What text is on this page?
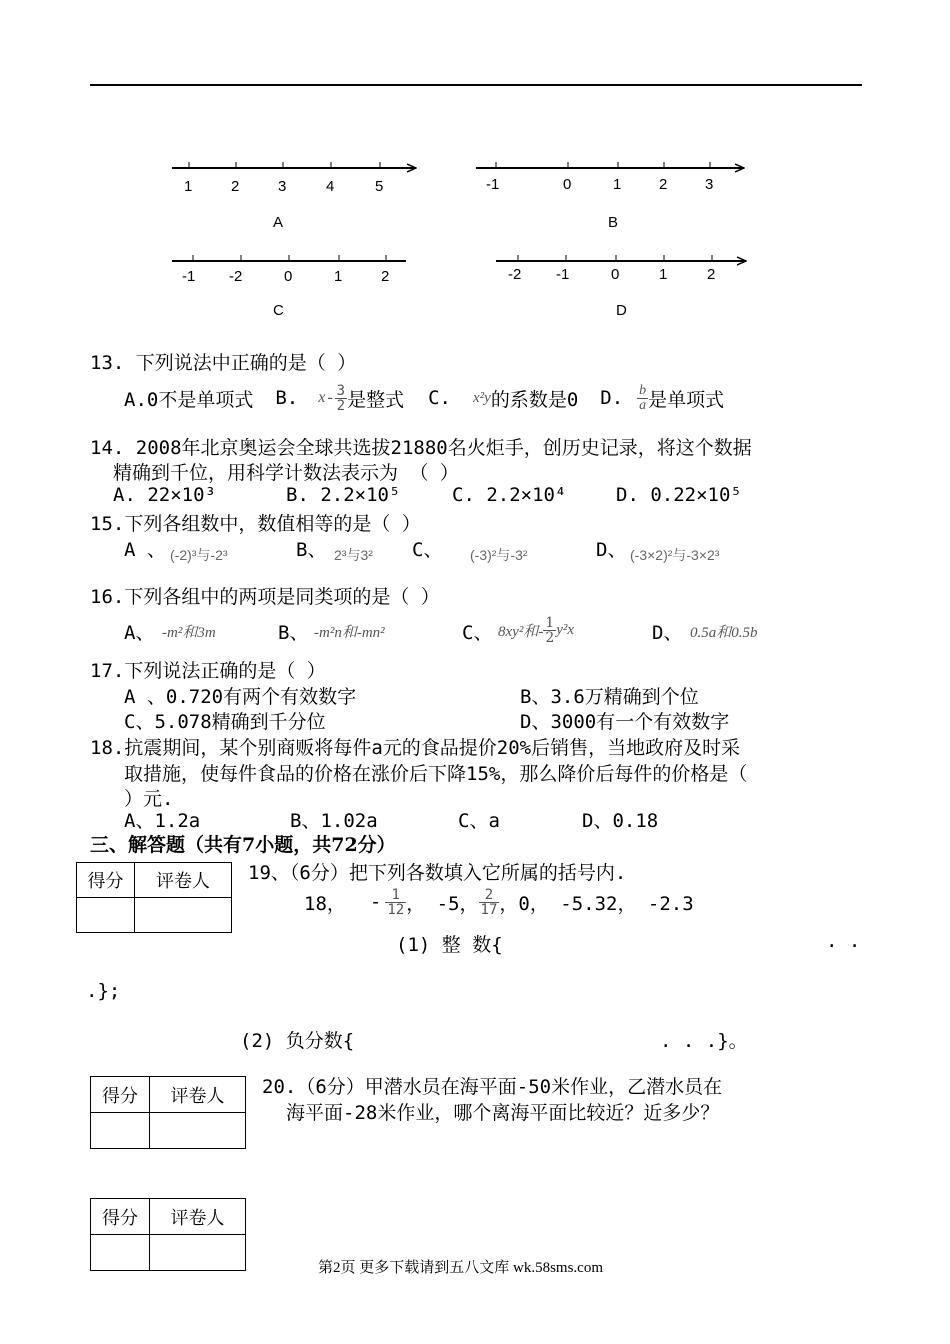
1	2	3	4	5
A
-1	0	1	2	3
B
-1 -2	0	1	2
C
-2 -1	0	1	2
D
13. 下列说法中正确的是（ ）
A.0不是单项式 B. x - $\frac{3}{2}$ 是整式 C. x²y 的系数是0 D. $\frac{b}{a}$ 是单项式
14. 2008年北京奥运会全球共选拔21880名火炬手，创历史记录，将这个数据
精确到千位，用科学计数法表示为 （ ）
A. 22×10³	B. 2.2×10⁵	C. 2.2×10⁴	D. 0.22×10⁵
15.下列各组数中，数值相等的是（ ）
A 、 (-2)³与-2³	B、 2³与3² C、 (-3)²与-3²	D、 (-3×2)²与-3×2³
16.下列各组中的两项是同类项的是（ ）
A、 -m²和3m	B、 -m²n和-mn²	C、 8xy²和- $\frac{1}{2} y^2x$	D、 0.5a和0.5b
17.下列说法正确的是（ ）
A 、0.720有两个有效数字	B、3.6万精确到个位
C、5.078精确到千分位	D、3000有一个有效数字
18.抗震期间，某个别商贩将每件a元的食品提价20%后销售，当地政府及时采
取措施，使每件食品的价格在涨价后下降15%，那么降价后每件的价格是（
）元.
A、1.2a	B、1.02a	C、a	D、0.18
三、解答题（共有7小题，共72分）
得分	评卷人
	19、（6分）把下列各数填入它所属的括号内.
18， - $\frac{1}{12}$ ， -5， $\frac{2}{17}$ ，0， -5.32， -2.3
(1) 整 数{	. .
.};
(2) 负分数{	. . .}。
得分	评卷人
	20.（6分）甲潜水员在海平面-50米作业，乙潜水员在
海平面-28米作业，哪个离海平面比较近？近多少？
得分	评卷人

第2页 更多下载请到五八文库 wk.58sms.com
